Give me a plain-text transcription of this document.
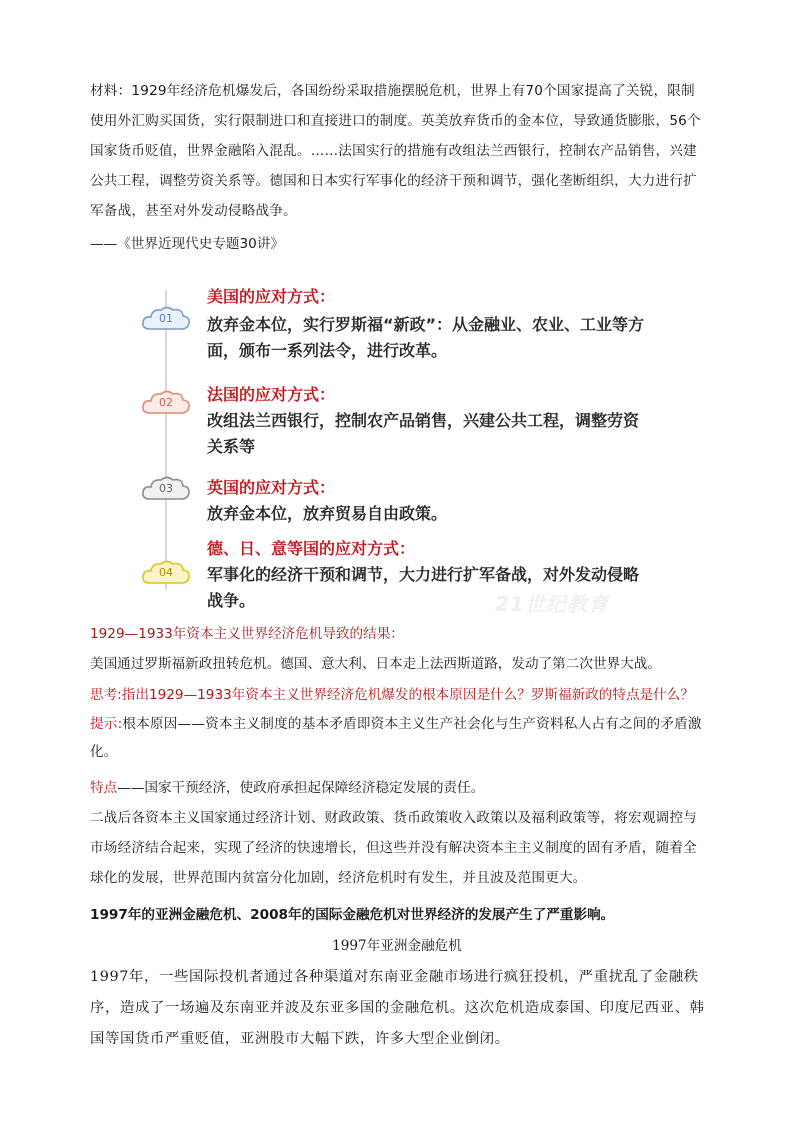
材料：1929年经济危机爆发后，各国纷纷采取措施摆脱危机，世界上有70个国家提高了关锐，限制使用外汇购买国货，实行限制进口和直接进口的制度。英美放弃货币的金本位，导致通货膨胀，56个国家货币贬值，世界金融陷入混乱。……法国实行的措施有改组法兰西银行，控制农产品销售，兴建公共工程，调整劳资关系等。德国和日本实行军事化的经济干预和调节，强化垄断组织，大力进行扩军备战，甚至对外发动侵略战争。
——《世界近现代史专题30讲》
21世纪教育
01
美国的应对方式：
放弃金本位，实行罗斯福“新政”：从金融业、农业、工业等方面，颁布一系列法令，进行改革。
02	法国的应对方式：
改组法兰西银行，控制农产品销售，兴建公共工程，调整劳资关系等
03	英国的应对方式：
放弃金本位，放弃贸易自由政策。
04
德、日、意等国的应对方式：
军事化的经济干预和调节，大力进行扩军备战，对外发动侵略战争。
1929—1933年资本主义世界经济危机导致的结果：
美国通过罗斯福新政扭转危机。德国、意大利、日本走上法西斯道路，发动了第二次世界大战。
思考:指出1929—1933年资本主义世界经济危机爆发的根本原因是什么？罗斯福新政的特点是什么？
提示:根本原因——资本主义制度的基本矛盾即资本主义生产社会化与生产资料私人占有之间的矛盾激化。
特点——国家干预经济，使政府承担起保障经济稳定发展的责任。
二战后各资本主义国家通过经济计划、财政政策、货币政策收入政策以及福利政策等，将宏观调控与市场经济结合起来，实现了经济的快速增长，但这些并没有解决资本主主义制度的固有矛盾，随着全球化的发展，世界范围内贫富分化加剧，经济危机时有发生，并且波及范围更大。
1997年的亚洲金融危机、2008年的国际金融危机对世界经济的发展产生了严重影响。
1997年亚洲金融危机
1997年，一些国际投机者通过各种渠道对东南亚金融市场进行疯狂投机，严重扰乱了金融秩序，造成了一场遍及东南亚并波及东亚多国的金融危机。这次危机造成泰国、印度尼西亚、韩国等国货币严重贬值，亚洲股市大幅下跌，许多大型企业倒闭。
